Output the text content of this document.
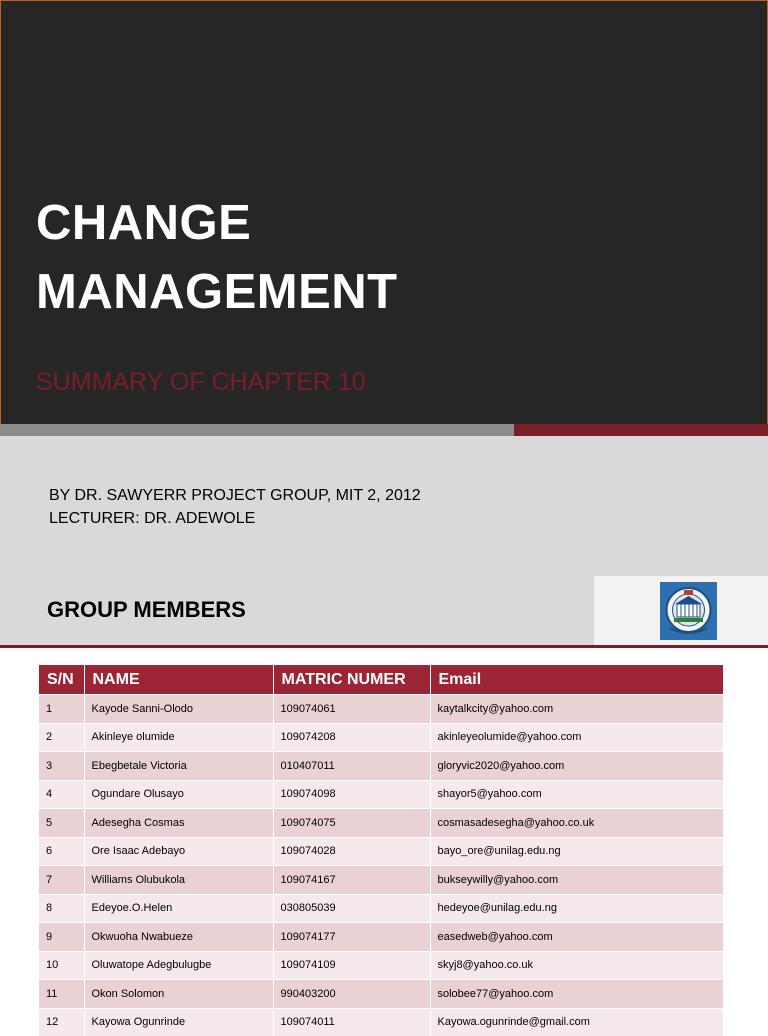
CHANGE
MANAGEMENT

SUMMARY OF CHAPTER 10

BY DR. SAWYERR PROJECT GROUP, MIT 2, 2012
LECTURER: DR. ADEWOLE

GROUP MEMBERS
S/N	NAME	MATRIC NUMER	Email
1	Kayode Sanni-Olodo	109074061	kaytalkcity@yahoo.com
2	Akinleye olumide	109074208	akinleyeolumide@yahoo.com
3	Ebegbetale Victoria	010407011	gloryvic2020@yahoo.com
4	Ogundare Olusayo	109074098	shayor5@yahoo.com
5	Adesegha Cosmas	109074075	cosmasadesegha@yahoo.co.uk
6	Ore Isaac Adebayo	109074028	bayo_ore@unilag.edu.ng
7	Williams Olubukola	109074167	bukseywilly@yahoo.com
8	Edeyoe.O.Helen	030805039	hedeyoe@unilag.edu.ng
9	Okwuoha Nwabueze	109074177	easedweb@yahoo.com
10	Oluwatope Adegbulugbe	109074109	skyj8@yahoo.co.uk
11	Okon Solomon	990403200	solobee77@yahoo.com
12	Kayowa Ogunrinde	109074011	Kayowa.ogunrinde@gmail.com
